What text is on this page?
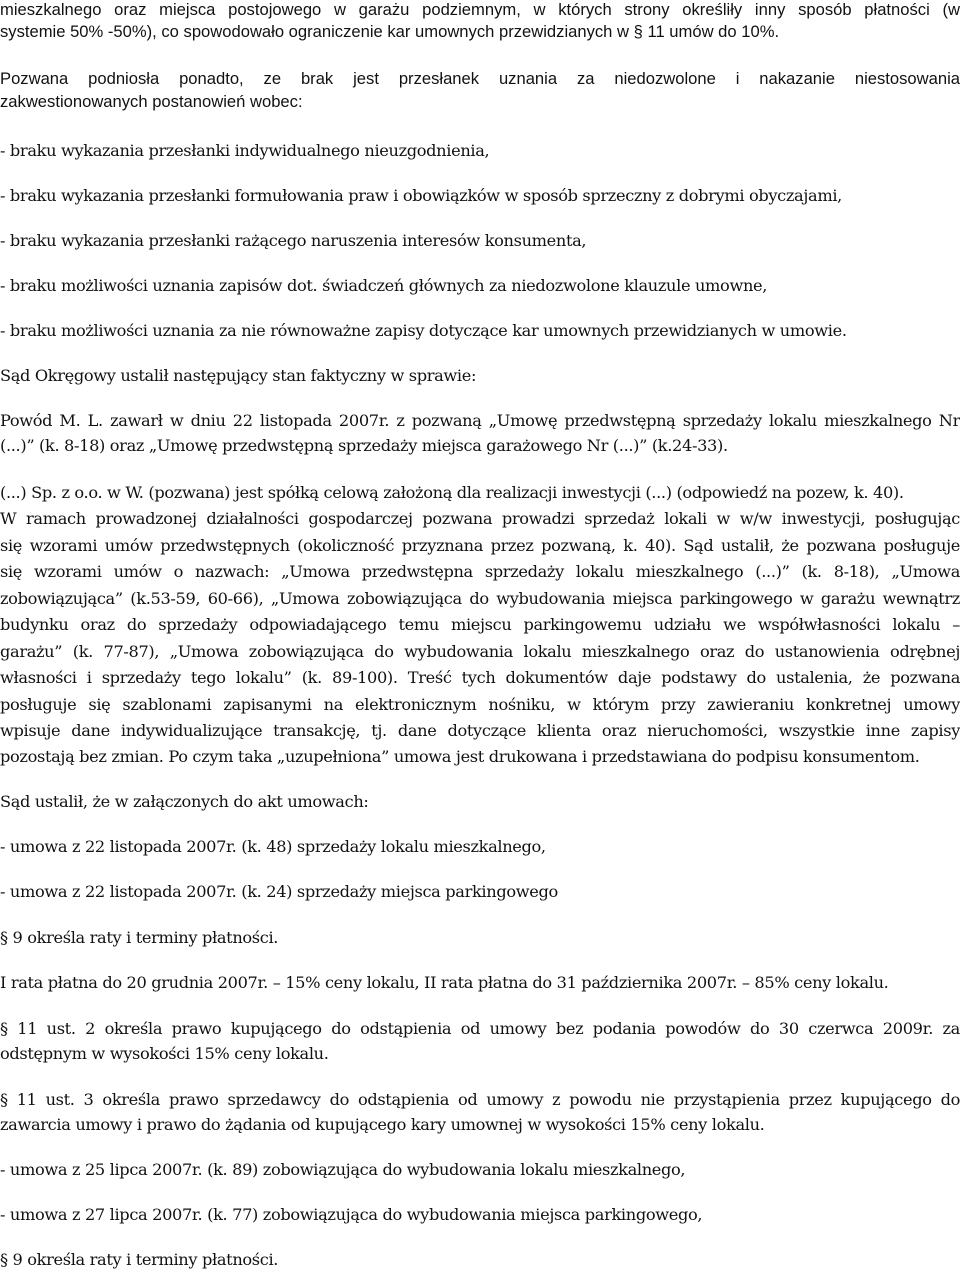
mieszkalnego oraz miejsca postojowego w garażu podziemnym, w których strony określiły inny sposób płatności (w

systemie 50% -50%), co spowodowało ograniczenie kar umownych przewidzianych w § 11 umów do 10%.

Pozwana podniosła ponadto, ze brak jest przesłanek uznania za niedozwolone i nakazanie niestosowania

zakwestionowanych postanowień wobec:

- braku wykazania przesłanki indywidualnego nieuzgodnienia,

- braku wykazania przesłanki formułowania praw i obowiązków w sposób sprzeczny z dobrymi obyczajami,

- braku wykazania przesłanki rażącego naruszenia interesów konsumenta,

- braku możliwości uznania zapisów dot. świadczeń głównych za niedozwolone klauzule umowne,

- braku możliwości uznania za nie równoważne zapisy dotyczące kar umownych przewidzianych w umowie.

Sąd Okręgowy ustalił następujący stan faktyczny w sprawie:

Powód M. L. zawarł w dniu 22 listopada 2007r. z pozwaną „Umowę przedwstępną sprzedaży lokalu mieszkalnego Nr

(...)” (k. 8-18) oraz „Umowę przedwstępną sprzedaży miejsca garażowego Nr (...)” (k.24-33).

(...) Sp. z o.o. w W. (pozwana) jest spółką celową założoną dla realizacji inwestycji (...) (odpowiedź na pozew, k. 40).

W ramach prowadzonej działalności gospodarczej pozwana prowadzi sprzedaż lokali w w/w inwestycji, posługując

się wzorami umów przedwstępnych (okoliczność przyznana przez pozwaną, k. 40). Sąd ustalił, że pozwana posługuje

się wzorami umów o nazwach: „Umowa przedwstępna sprzedaży lokalu mieszkalnego (...)” (k. 8-18), „Umowa

zobowiązująca” (k.53-59, 60-66), „Umowa zobowiązująca do wybudowania miejsca parkingowego w garażu wewnątrz

budynku oraz do sprzedaży odpowiadającego temu miejscu parkingowemu udziału we współwłasności lokalu –

garażu” (k. 77-87), „Umowa zobowiązująca do wybudowania lokalu mieszkalnego oraz do ustanowienia odrębnej

własności i sprzedaży tego lokalu” (k. 89-100). Treść tych dokumentów daje podstawy do ustalenia, że pozwana

posługuje się szablonami zapisanymi na elektronicznym nośniku, w którym przy zawieraniu konkretnej umowy

wpisuje dane indywidualizujące transakcję, tj. dane dotyczące klienta oraz nieruchomości, wszystkie inne zapisy

pozostają bez zmian. Po czym taka „uzupełniona” umowa jest drukowana i przedstawiana do podpisu konsumentom.

Sąd ustalił, że w załączonych do akt umowach:

- umowa z 22 listopada 2007r. (k. 48) sprzedaży lokalu mieszkalnego,

- umowa z 22 listopada 2007r. (k. 24) sprzedaży miejsca parkingowego

§ 9 określa raty i terminy płatności.

I rata płatna do 20 grudnia 2007r. – 15% ceny lokalu, II rata płatna do 31 października 2007r. – 85% ceny lokalu.

§ 11 ust. 2 określa prawo kupującego do odstąpienia od umowy bez podania powodów do 30 czerwca 2009r. za

odstępnym w wysokości 15% ceny lokalu.

§ 11 ust. 3 określa prawo sprzedawcy do odstąpienia od umowy z powodu nie przystąpienia przez kupującego do

zawarcia umowy i prawo do żądania od kupującego kary umownej w wysokości 15% ceny lokalu.

- umowa z 25 lipca 2007r. (k. 89) zobowiązująca do wybudowania lokalu mieszkalnego,

- umowa z 27 lipca 2007r. (k. 77) zobowiązująca do wybudowania miejsca parkingowego,

§ 9 określa raty i terminy płatności.
